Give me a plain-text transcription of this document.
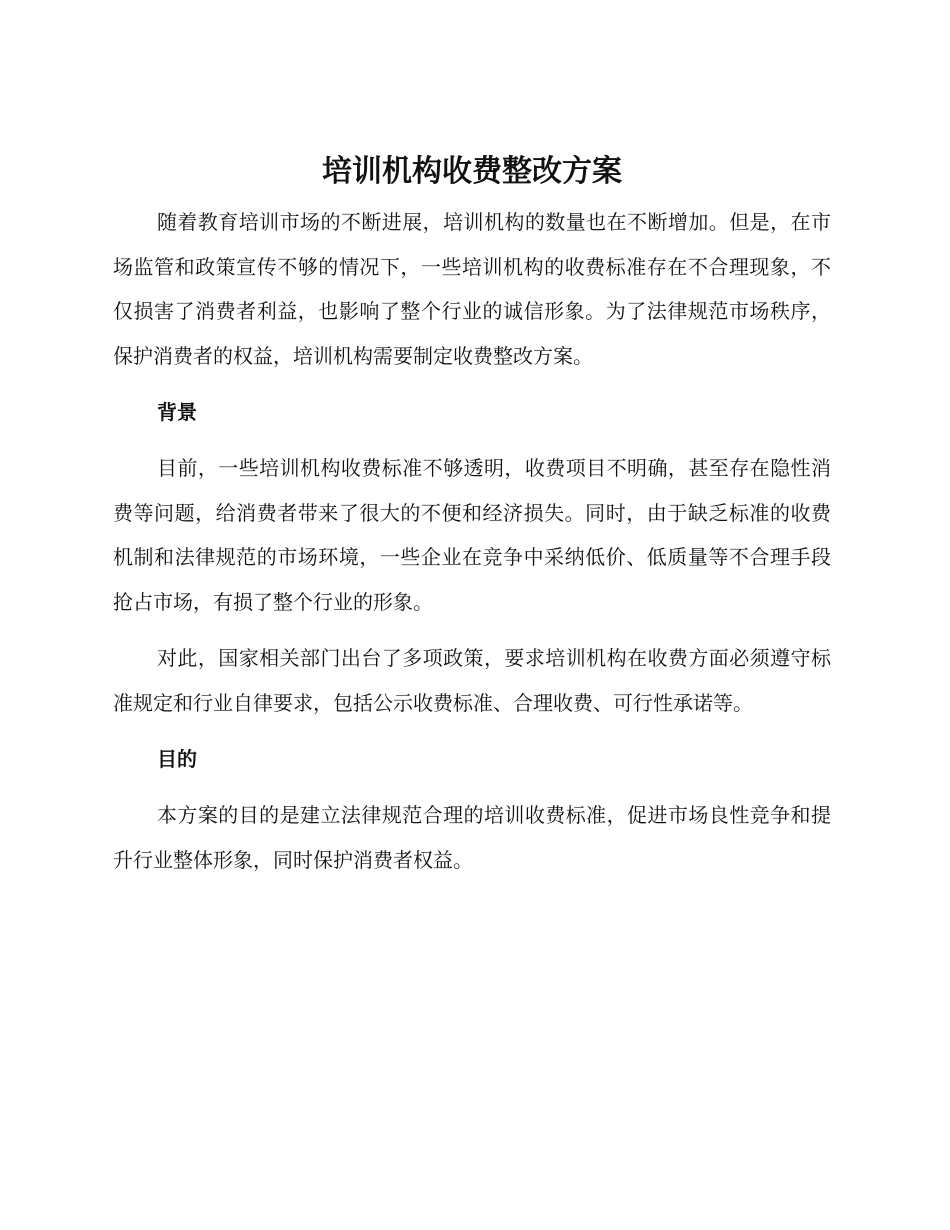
培训机构收费整改方案

随着教育培训市场的不断进展，培训机构的数量也在不断增加。但是，在市场监管和政策宣传不够的情况下，一些培训机构的收费标准存在不合理现象，不仅损害了消费者利益，也影响了整个行业的诚信形象。为了法律规范市场秩序，保护消费者的权益，培训机构需要制定收费整改方案。

背景

目前，一些培训机构收费标准不够透明，收费项目不明确，甚至存在隐性消费等问题，给消费者带来了很大的不便和经济损失。同时，由于缺乏标准的收费机制和法律规范的市场环境，一些企业在竞争中采纳低价、低质量等不合理手段抢占市场，有损了整个行业的形象。

对此，国家相关部门出台了多项政策，要求培训机构在收费方面必须遵守标准规定和行业自律要求，包括公示收费标准、合理收费、可行性承诺等。

目的

本方案的目的是建立法律规范合理的培训收费标准，促进市场良性竞争和提升行业整体形象，同时保护消费者权益。
